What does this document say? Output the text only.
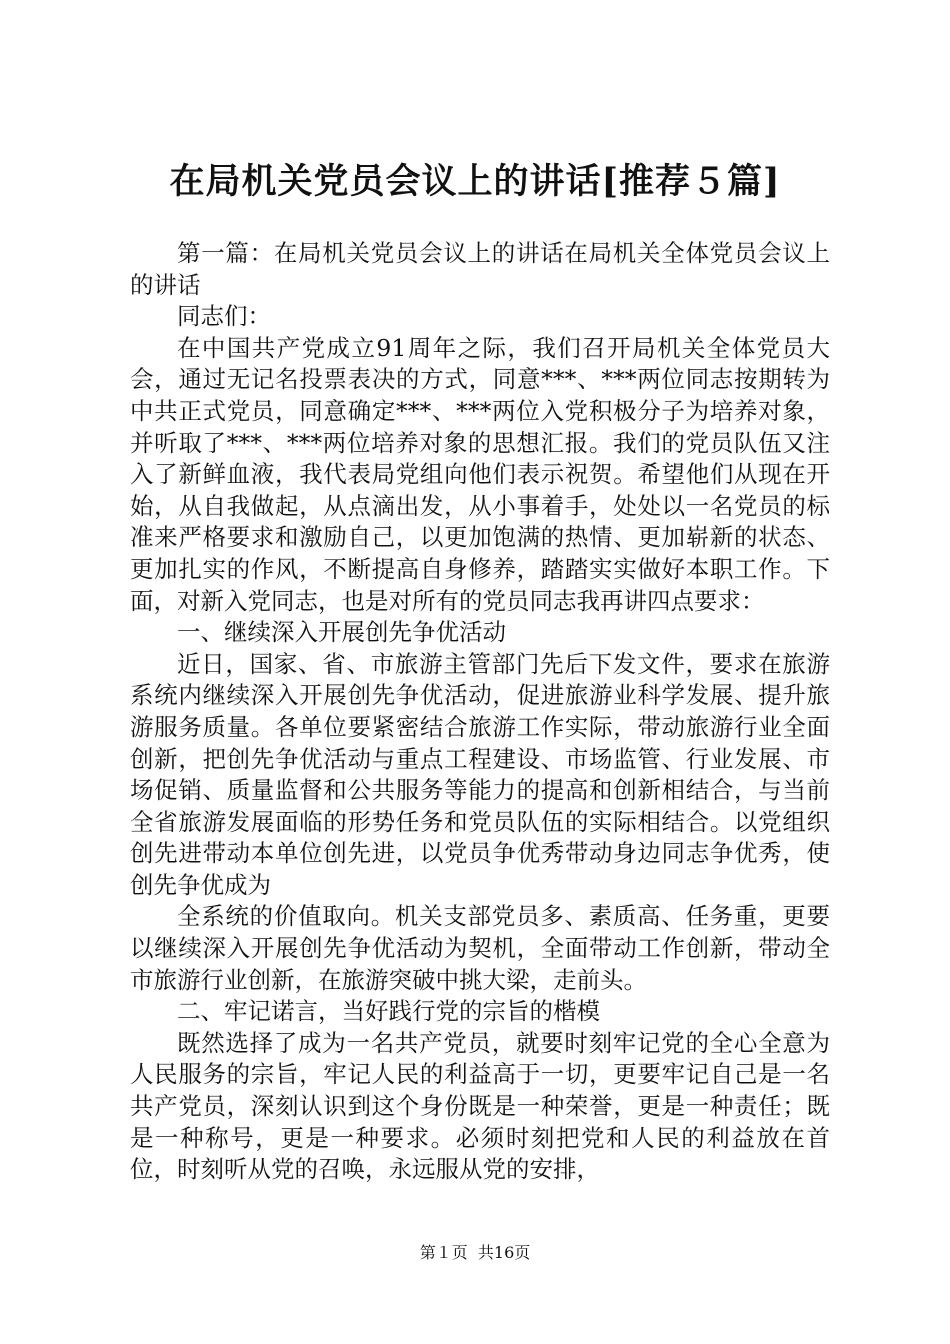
在局机关党员会议上的讲话[推荐５篇]

第一篇：在局机关党员会议上的讲话在局机关全体党员会议上的讲话

同志们：

在中国共产党成立91周年之际，我们召开局机关全体党员大会，通过无记名投票表决的方式，同意***、***两位同志按期转为中共正式党员，同意确定***、***两位入党积极分子为培养对象，并听取了***、***两位培养对象的思想汇报。我们的党员队伍又注入了新鲜血液，我代表局党组向他们表示祝贺。希望他们从现在开始，从自我做起，从点滴出发，从小事着手，处处以一名党员的标准来严格要求和激励自己，以更加饱满的热情、更加崭新的状态、更加扎实的作风，不断提高自身修养，踏踏实实做好本职工作。下面，对新入党同志，也是对所有的党员同志我再讲四点要求：

一、继续深入开展创先争优活动

近日，国家、省、市旅游主管部门先后下发文件，要求在旅游系统内继续深入开展创先争优活动，促进旅游业科学发展、提升旅游服务质量。各单位要紧密结合旅游工作实际，带动旅游行业全面创新，把创先争优活动与重点工程建设、市场监管、行业发展、市场促销、质量监督和公共服务等能力的提高和创新相结合，与当前全省旅游发展面临的形势任务和党员队伍的实际相结合。以党组织创先进带动本单位创先进，以党员争优秀带动身边同志争优秀，使创先争优成为

全系统的价值取向。机关支部党员多、素质高、任务重，更要以继续深入开展创先争优活动为契机，全面带动工作创新，带动全市旅游行业创新，在旅游突破中挑大梁，走前头。

二、牢记诺言，当好践行党的宗旨的楷模

既然选择了成为一名共产党员，就要时刻牢记党的全心全意为人民服务的宗旨，牢记人民的利益高于一切，更要牢记自己是一名共产党员，深刻认识到这个身份既是一种荣誉，更是一种责任；既是一种称号，更是一种要求。必须时刻把党和人民的利益放在首位，时刻听从党的召唤，永远服从党的安排，

第１页  共16页
